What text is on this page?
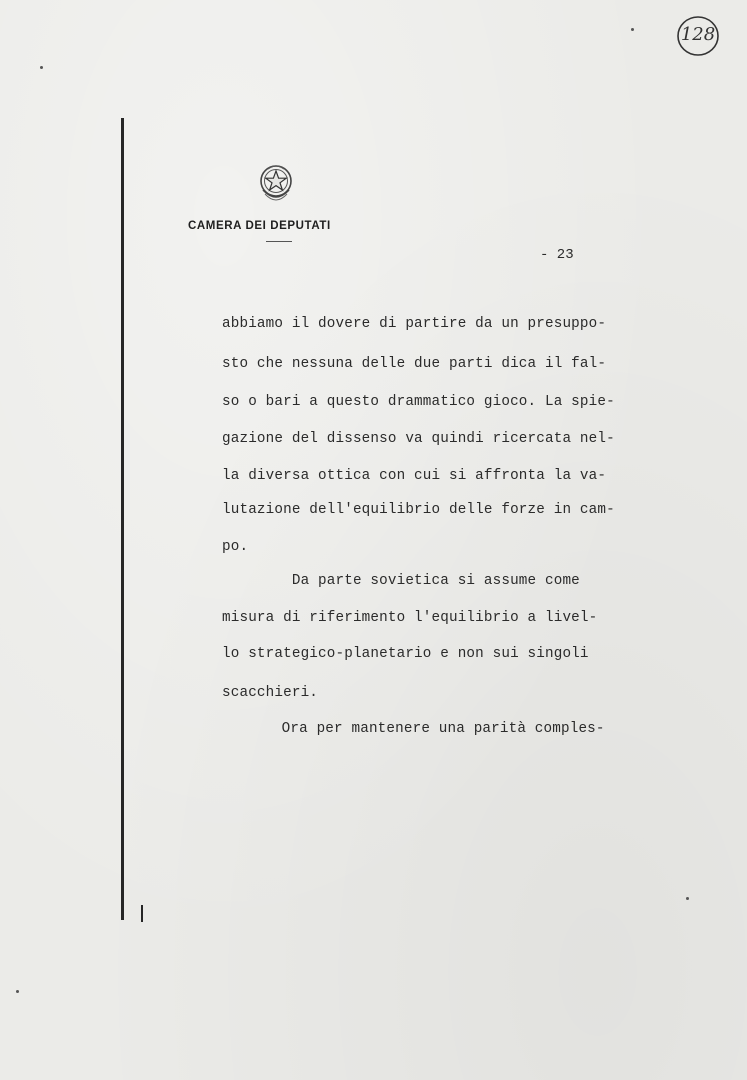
128
CAMERA DEI DEPUTATI
- 23
abbiamo il dovere di partire da un presuppo-
sto che nessuna delle due parti dica il fal-
so o bari a questo drammatico gioco. La spie-
gazione del dissenso va quindi ricercata nel-
la diversa ottica con cui si affronta la va-
lutazione dell'equilibrio delle forze in cam-
po.
Da parte sovietica si assume come
misura di riferimento l'equilibrio a livel-
lo strategico-planetario e non sui singoli
scacchieri.
Ora per mantenere una parità comples-
